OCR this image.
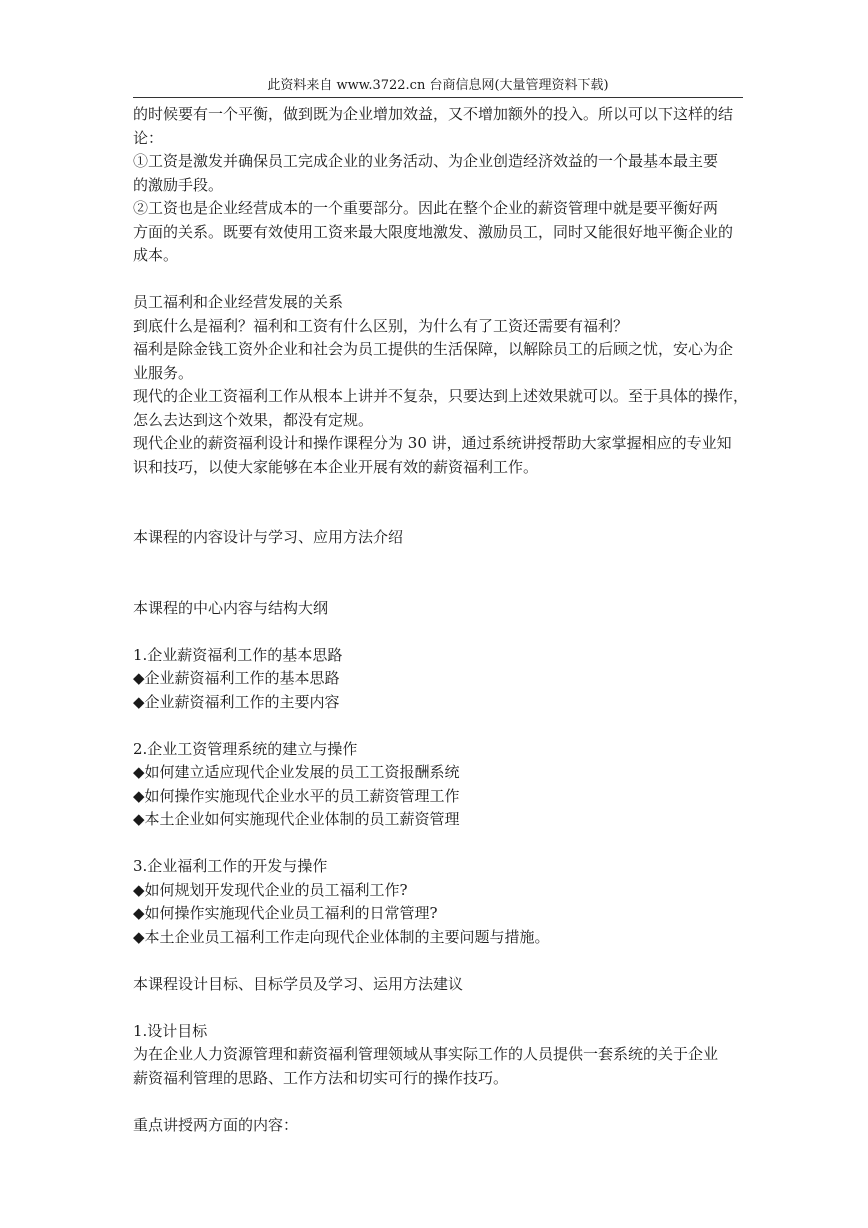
此资料来自 www.3722.cn 台商信息网(大量管理资料下载)
的时候要有一个平衡，做到既为企业增加效益，又不增加额外的投入。所以可以下这样的结
论：
①工资是激发并确保员工完成企业的业务活动、为企业创造经济效益的一个最基本最主要
的激励手段。
②工资也是企业经营成本的一个重要部分。因此在整个企业的薪资管理中就是要平衡好两
方面的关系。既要有效使用工资来最大限度地激发、激励员工，同时又能很好地平衡企业的
成本。
员工福利和企业经营发展的关系
到底什么是福利？福利和工资有什么区别，为什么有了工资还需要有福利？
福利是除金钱工资外企业和社会为员工提供的生活保障，以解除员工的后顾之忧，安心为企
业服务。
现代的企业工资福利工作从根本上讲并不复杂，只要达到上述效果就可以。至于具体的操作，
怎么去达到这个效果，都没有定规。
现代企业的薪资福利设计和操作课程分为 30 讲，通过系统讲授帮助大家掌握相应的专业知
识和技巧，以使大家能够在本企业开展有效的薪资福利工作。
本课程的内容设计与学习、应用方法介绍
本课程的中心内容与结构大纲
1.企业薪资福利工作的基本思路
◆企业薪资福利工作的基本思路
◆企业薪资福利工作的主要内容
2.企业工资管理系统的建立与操作
◆如何建立适应现代企业发展的员工工资报酬系统
◆如何操作实施现代企业水平的员工薪资管理工作
◆本土企业如何实施现代企业体制的员工薪资管理
3.企业福利工作的开发与操作
◆如何规划开发现代企业的员工福利工作?
◆如何操作实施现代企业员工福利的日常管理?
◆本土企业员工福利工作走向现代企业体制的主要问题与措施。
本课程设计目标、目标学员及学习、运用方法建议
1.设计目标
为在企业人力资源管理和薪资福利管理领域从事实际工作的人员提供一套系统的关于企业
薪资福利管理的思路、工作方法和切实可行的操作技巧。
重点讲授两方面的内容：
